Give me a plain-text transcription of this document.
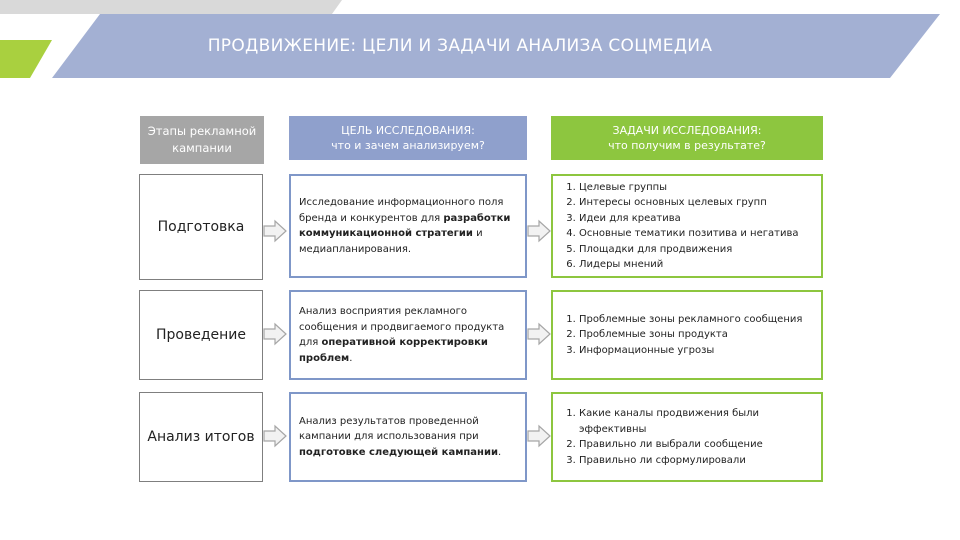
ПРОДВИЖЕНИЕ: ЦЕЛИ И ЗАДАЧИ АНАЛИЗА СОЦМЕДИА
Этапы рекламной кампании
ЦЕЛЬ ИССЛЕДОВАНИЯ:
что и зачем анализируем?
ЗАДАЧИ ИССЛЕДОВАНИЯ:
что получим в результате?
Подготовка
Исследование информационного поля бренда и конкурентов для разработки коммуникационной стратегии и медиапланирования.
1. Целевые группы
2. Интересы основных целевых групп
3. Идеи для креатива
4. Основные тематики позитива и негатива
5. Площадки для продвижения
6. Лидеры мнений
Проведение
Анализ восприятия рекламного сообщения и продвигаемого продукта для оперативной корректировки проблем.
1. Проблемные зоны рекламного сообщения
2. Проблемные зоны продукта
3. Информационные угрозы
Анализ итогов
Анализ результатов проведенной кампании для использования при подготовке следующей кампании.
1. Какие каналы продвижения были эффективны
2. Правильно ли выбрали сообщение
3. Правильно ли сформулировали
